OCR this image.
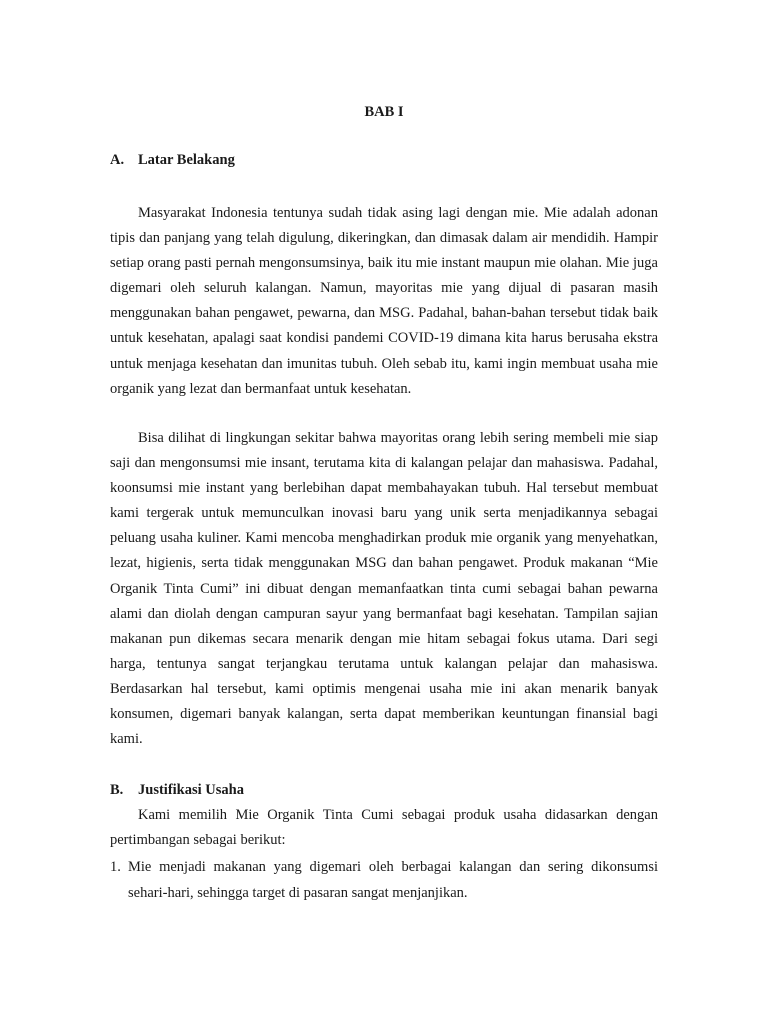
BAB I
A. Latar Belakang

Masyarakat Indonesia tentunya sudah tidak asing lagi dengan mie. Mie adalah adonan tipis dan panjang yang telah digulung, dikeringkan, dan dimasak dalam air mendidih. Hampir setiap orang pasti pernah mengonsumsinya, baik itu mie instant maupun mie olahan. Mie juga digemari oleh seluruh kalangan. Namun, mayoritas mie yang dijual di pasaran masih menggunakan bahan pengawet, pewarna, dan MSG. Padahal, bahan-bahan tersebut tidak baik untuk kesehatan, apalagi saat kondisi pandemi COVID-19 dimana kita harus berusaha ekstra untuk menjaga kesehatan dan imunitas tubuh. Oleh sebab itu, kami ingin membuat usaha mie organik yang lezat dan bermanfaat untuk kesehatan.

Bisa dilihat di lingkungan sekitar bahwa mayoritas orang lebih sering membeli mie siap saji dan mengonsumsi mie insant, terutama kita di kalangan pelajar dan mahasiswa. Padahal, koonsumsi mie instant yang berlebihan dapat membahayakan tubuh. Hal tersebut membuat kami tergerak untuk memunculkan inovasi baru yang unik serta menjadikannya sebagai peluang usaha kuliner. Kami mencoba menghadirkan produk mie organik yang menyehatkan, lezat, higienis, serta tidak menggunakan MSG dan bahan pengawet. Produk makanan “Mie Organik Tinta Cumi” ini dibuat dengan memanfaatkan tinta cumi sebagai bahan pewarna alami dan diolah dengan campuran sayur yang bermanfaat bagi kesehatan. Tampilan sajian makanan pun dikemas secara menarik dengan mie hitam sebagai fokus utama. Dari segi harga, tentunya sangat terjangkau terutama untuk kalangan pelajar dan mahasiswa. Berdasarkan hal tersebut, kami optimis mengenai usaha mie ini akan menarik banyak konsumen, digemari banyak kalangan, serta dapat memberikan keuntungan finansial bagi kami.

B. Justifikasi Usaha

Kami memilih Mie Organik Tinta Cumi sebagai produk usaha didasarkan dengan pertimbangan sebagai berikut:

1. Mie menjadi makanan yang digemari oleh berbagai kalangan dan sering dikonsumsi sehari-hari, sehingga target di pasaran sangat menjanjikan.
